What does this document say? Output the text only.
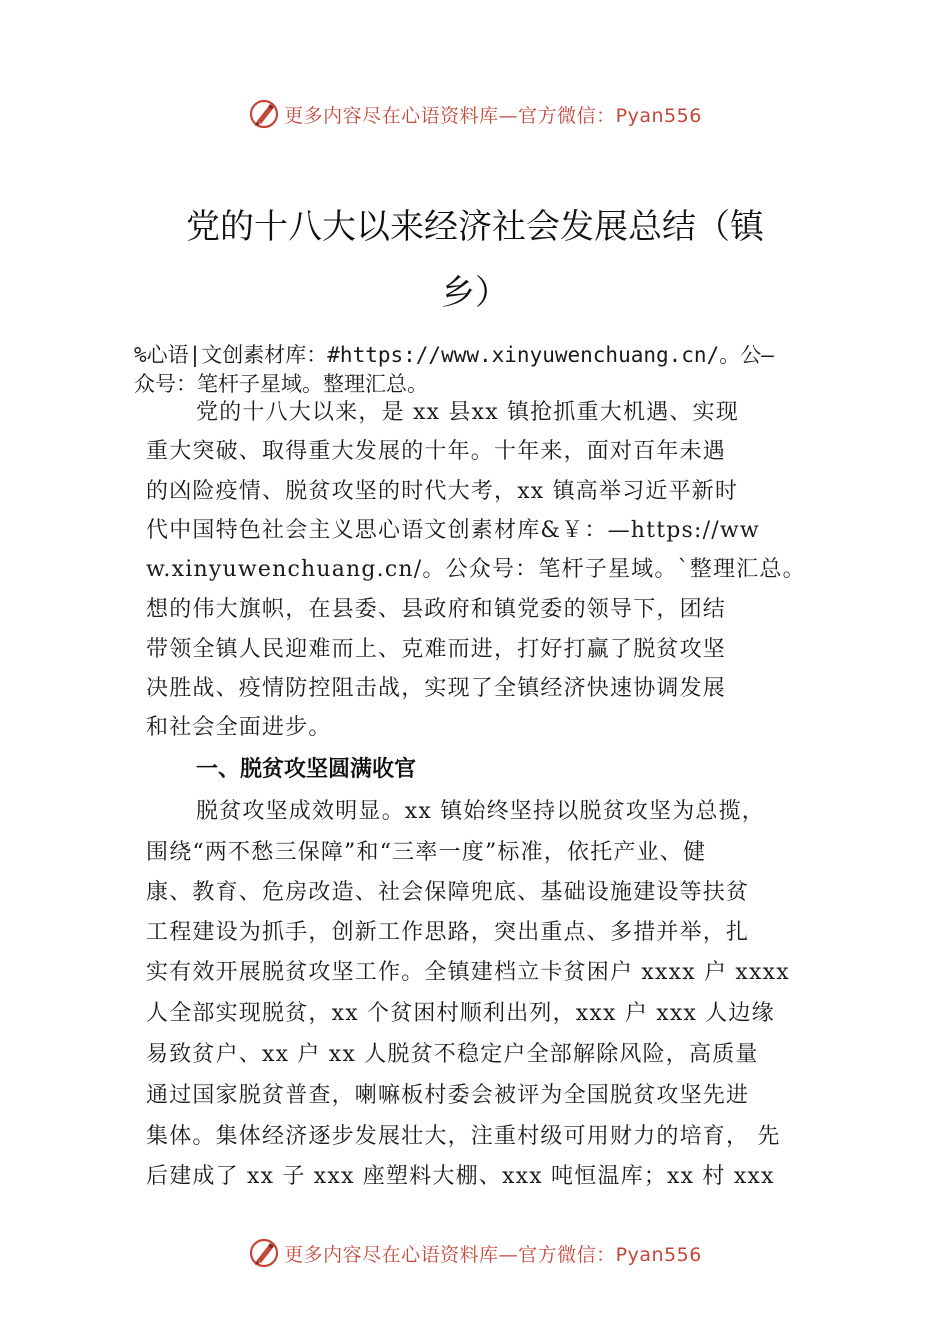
更多内容尽在心语资料库—官方微信：Pyan556
党的十八大以来经济社会发展总结（镇
乡）
%心语|文创素材库：#https://www.xinyuwenchuang.cn/。公—
众号：笔杆子星域。整理汇总。
党的十八大以来，是 xx 县xx 镇抢抓重大机遇、实现
重大突破、取得重大发展的十年。十年来，面对百年未遇
的凶险疫情、脱贫攻坚的时代大考，xx 镇高举习近平新时
代中国特色社会主义思心语文创素材库&￥：—https://ww
w.xinyuwenchuang.cn/。公众号：笔杆子星域。`整理汇总。
想的伟大旗帜，在县委、县政府和镇党委的领导下，团结
带领全镇人民迎难而上、克难而进，打好打赢了脱贫攻坚
决胜战、疫情防控阻击战，实现了全镇经济快速协调发展
和社会全面进步。
一、脱贫攻坚圆满收官
脱贫攻坚成效明显。xx 镇始终坚持以脱贫攻坚为总揽，
围绕“两不愁三保障”和“三率一度”标准，依托产业、健
康、教育、危房改造、社会保障兜底、基础设施建设等扶贫
工程建设为抓手，创新工作思路，突出重点、多措并举，扎
实有效开展脱贫攻坚工作。全镇建档立卡贫困户 xxxx 户 xxxx
人全部实现脱贫，xx 个贫困村顺利出列，xxx 户 xxx 人边缘
易致贫户、xx 户 xx 人脱贫不稳定户全部解除风险，高质量
通过国家脱贫普查，喇嘛板村委会被评为全国脱贫攻坚先进
集体。集体经济逐步发展壮大，注重村级可用财力的培育， 先
后建成了 xx 子 xxx 座塑料大棚、xxx 吨恒温库；xx 村 xxx
更多内容尽在心语资料库—官方微信：Pyan556
